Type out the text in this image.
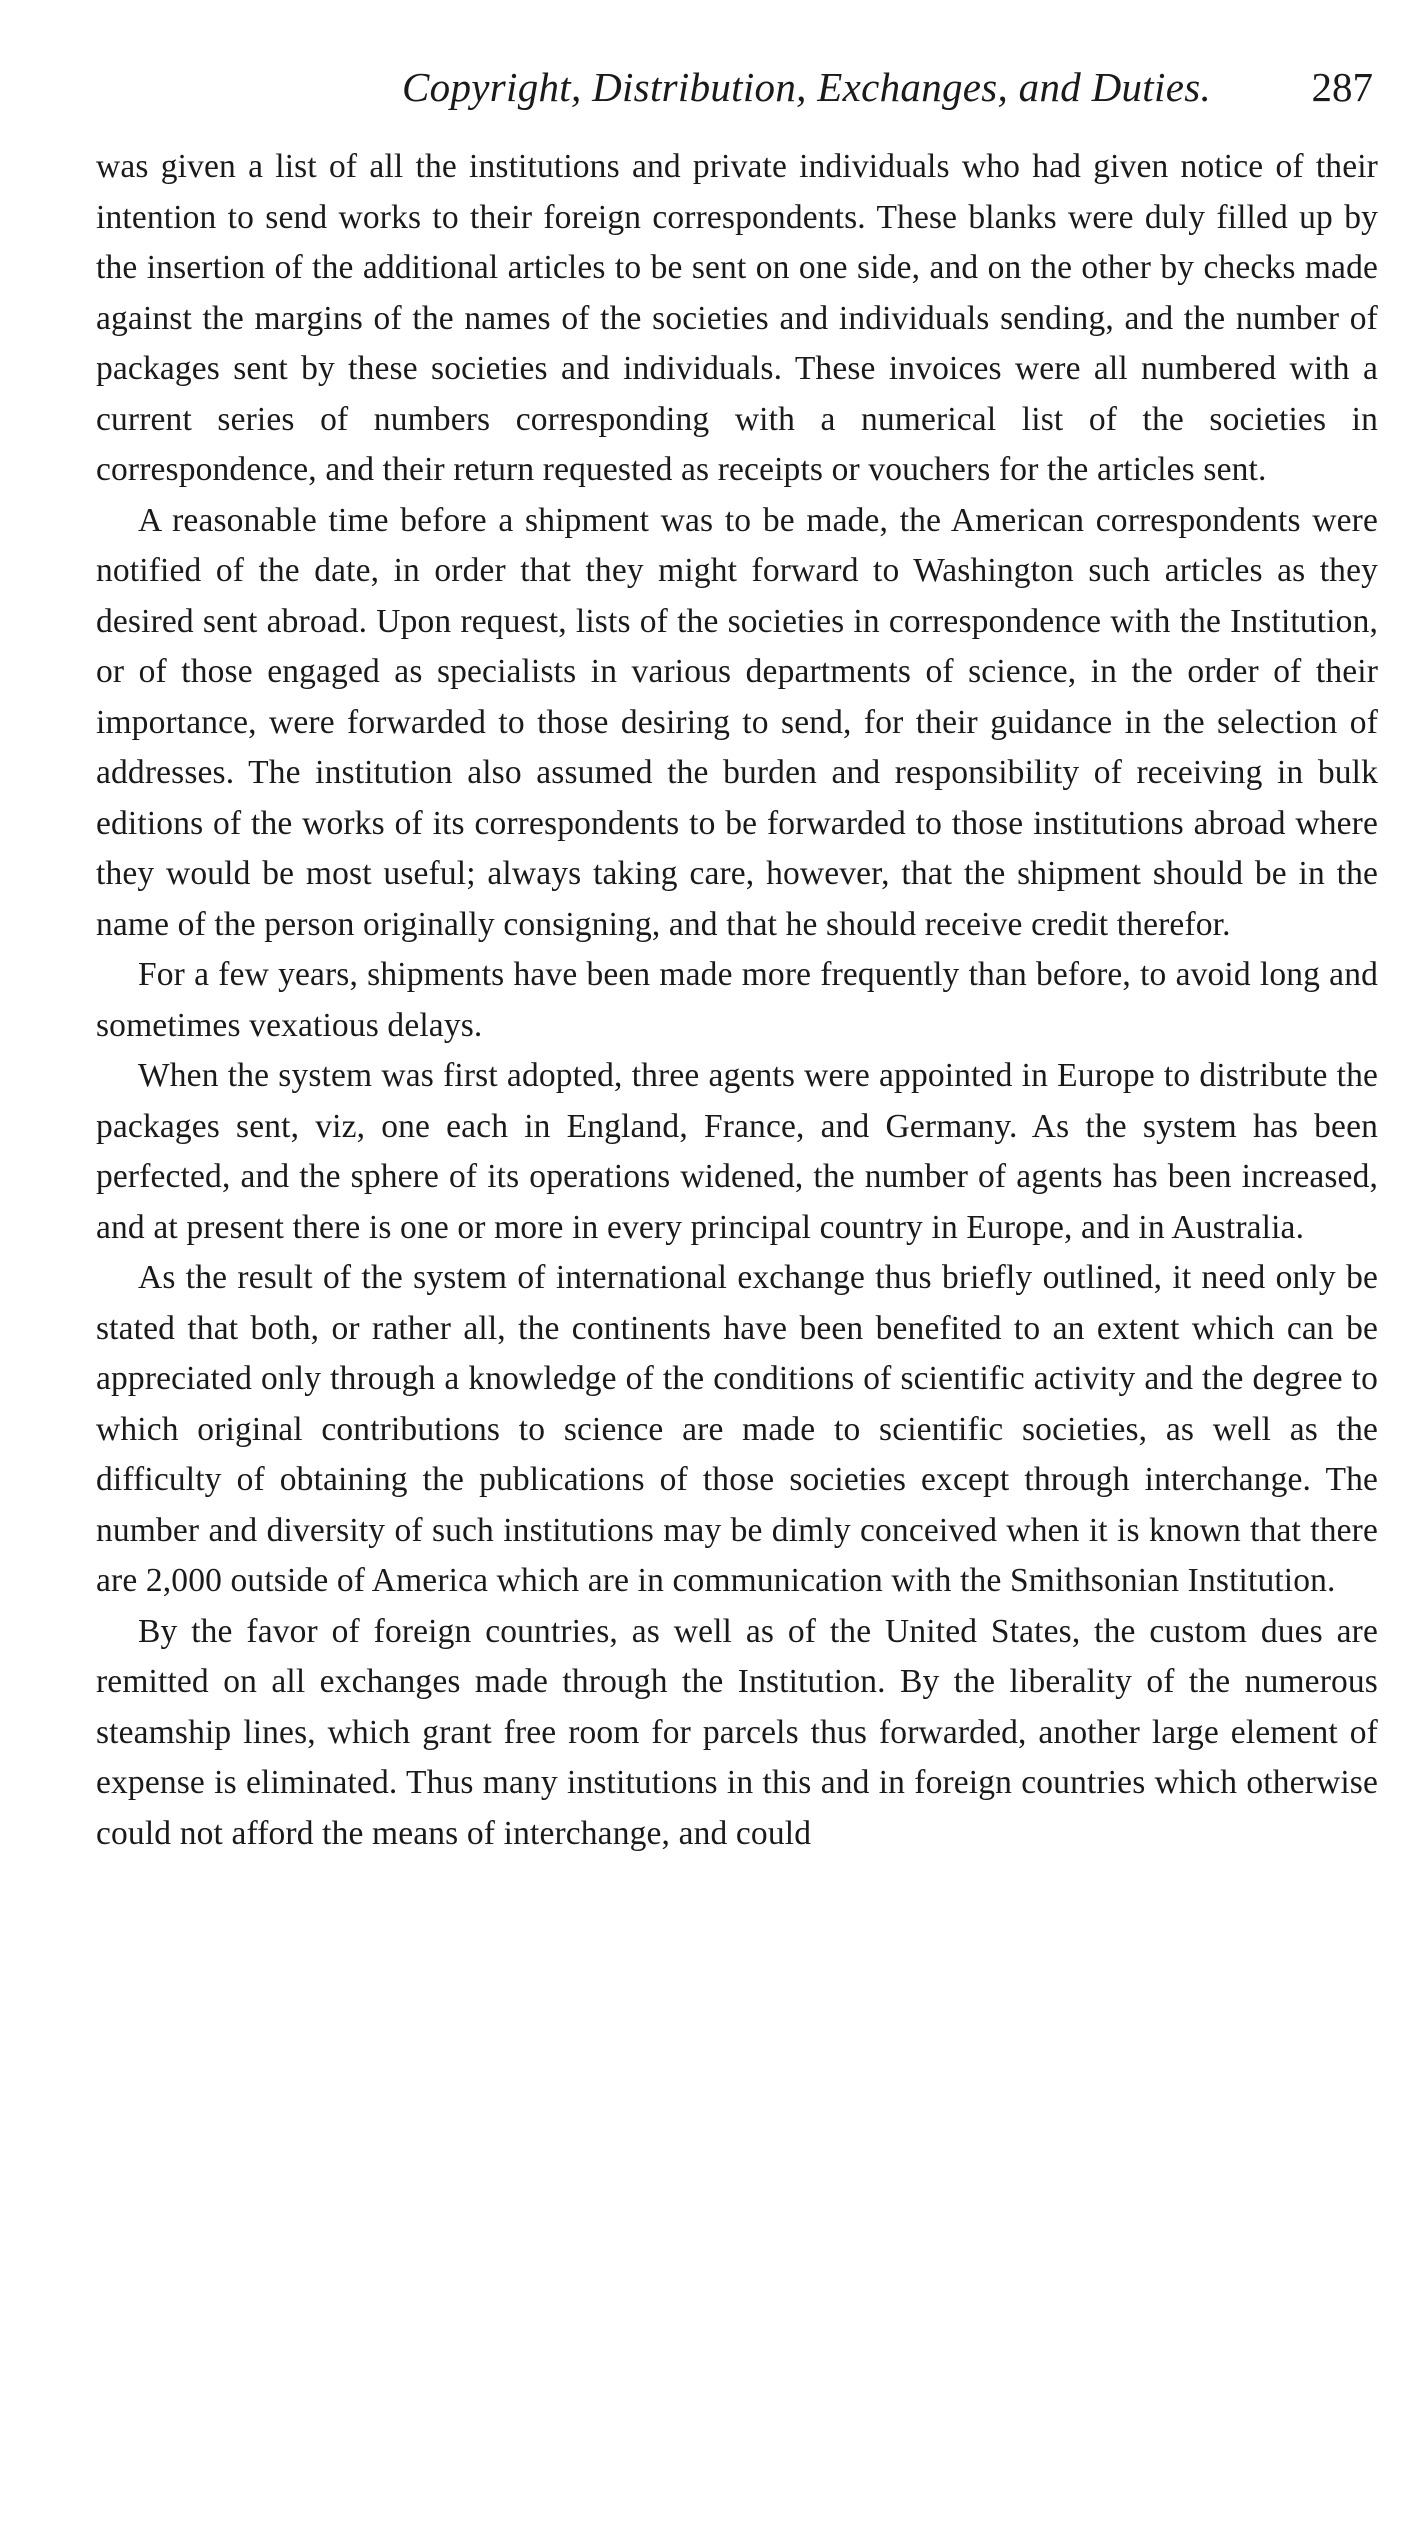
Copyright, Distribution, Exchanges, and Duties.	287

was given a list of all the institutions and private individuals who had given notice of their intention to send works to their foreign correspondents. These blanks were duly filled up by the insertion of the additional articles to be sent on one side, and on the other by checks made against the margins of the names of the societies and individuals sending, and the number of packages sent by these societies and individuals. These invoices were all numbered with a current series of numbers corresponding with a numerical list of the societies in correspondence, and their return requested as receipts or vouchers for the articles sent.

A reasonable time before a shipment was to be made, the American correspondents were notified of the date, in order that they might forward to Washington such articles as they desired sent abroad. Upon request, lists of the societies in correspondence with the Institution, or of those engaged as specialists in various departments of science, in the order of their importance, were forwarded to those desiring to send, for their guidance in the selection of addresses. The institution also assumed the burden and responsibility of receiving in bulk editions of the works of its correspondents to be forwarded to those institutions abroad where they would be most useful; always taking care, however, that the shipment should be in the name of the person originally consigning, and that he should receive credit therefor.

For a few years, shipments have been made more frequently than before, to avoid long and sometimes vexatious delays.

When the system was first adopted, three agents were appointed in Europe to distribute the packages sent, viz, one each in England, France, and Germany. As the system has been perfected, and the sphere of its operations widened, the number of agents has been increased, and at present there is one or more in every principal country in Europe, and in Australia.

As the result of the system of international exchange thus briefly outlined, it need only be stated that both, or rather all, the continents have been benefited to an extent which can be appreciated only through a knowledge of the conditions of scientific activity and the degree to which original contributions to science are made to scientific societies, as well as the difficulty of obtaining the publications of those societies except through interchange. The number and diversity of such institutions may be dimly conceived when it is known that there are 2,000 outside of America which are in communication with the Smithsonian Institution.

By the favor of foreign countries, as well as of the United States, the custom dues are remitted on all exchanges made through the Institution. By the liberality of the numerous steamship lines, which grant free room for parcels thus forwarded, another large element of expense is eliminated. Thus many institutions in this and in foreign countries which otherwise could not afford the means of interchange, and could
